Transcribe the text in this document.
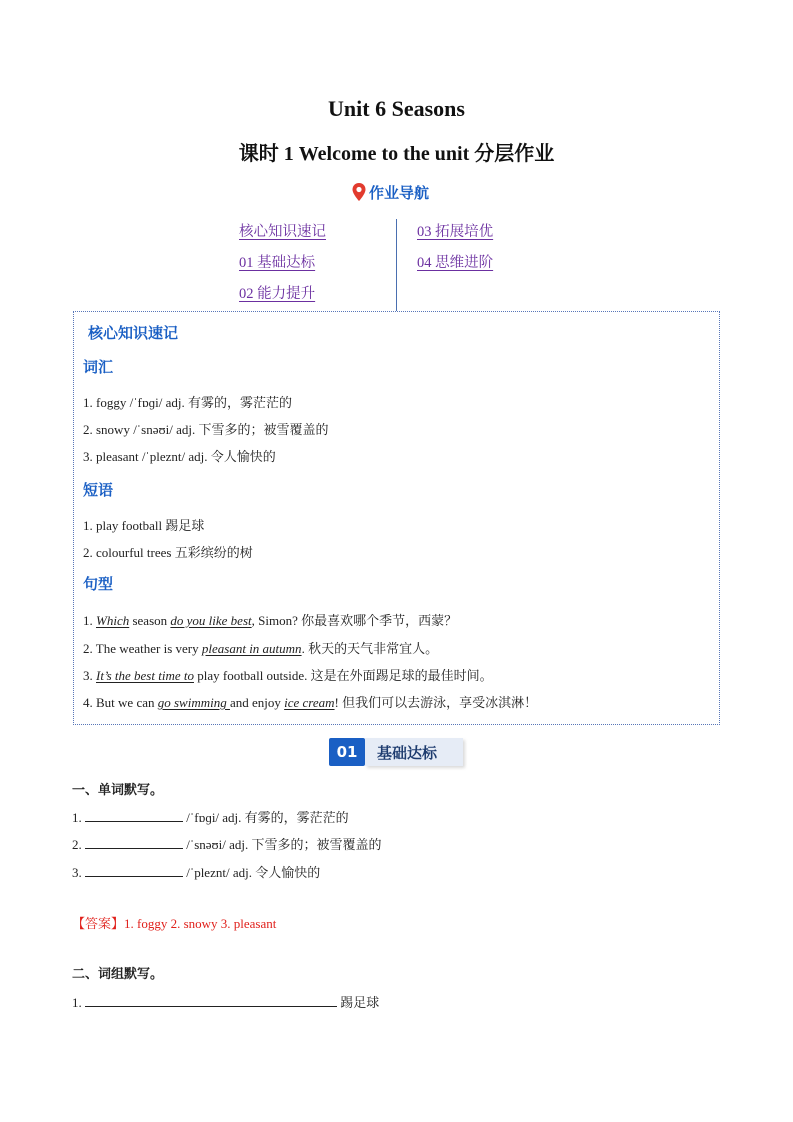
Unit 6 Seasons
课时 1 Welcome to the unit 分层作业
作业导航
核心知识速记
01 基础达标
02 能力提升
03 拓展培优
04 思维进阶
核心知识速记
词汇
1. foggy /ˈfɒɡi/ adj. 有雾的，雾茫茫的
2. snowy /ˈsnəʊi/ adj. 下雪多的；被雪覆盖的
3. pleasant /ˈpleznt/ adj. 令人愉快的
短语
1. play football 踢足球
2. colourful trees 五彩缤纷的树
句型
1. Which season do you like best, Simon? 你最喜欢哪个季节，西蒙？
2. The weather is very pleasant in autumn. 秋天的天气非常宜人。
3. It’s the best time to play football outside. 这是在外面踢足球的最佳时间。
4. But we can go swimming and enjoy ice cream! 但我们可以去游泳，享受冰淇淋！
01	基础达标
一、单词默写。
1.	/ˈfɒɡi/ adj. 有雾的，雾茫茫的
2.	/ˈsnəʊi/ adj. 下雪多的；被雪覆盖的
3.	/ˈpleznt/ adj. 令人愉快的
【答案】1. foggy 2. snowy 3. pleasant
二、词组默写。
1.	踢足球
